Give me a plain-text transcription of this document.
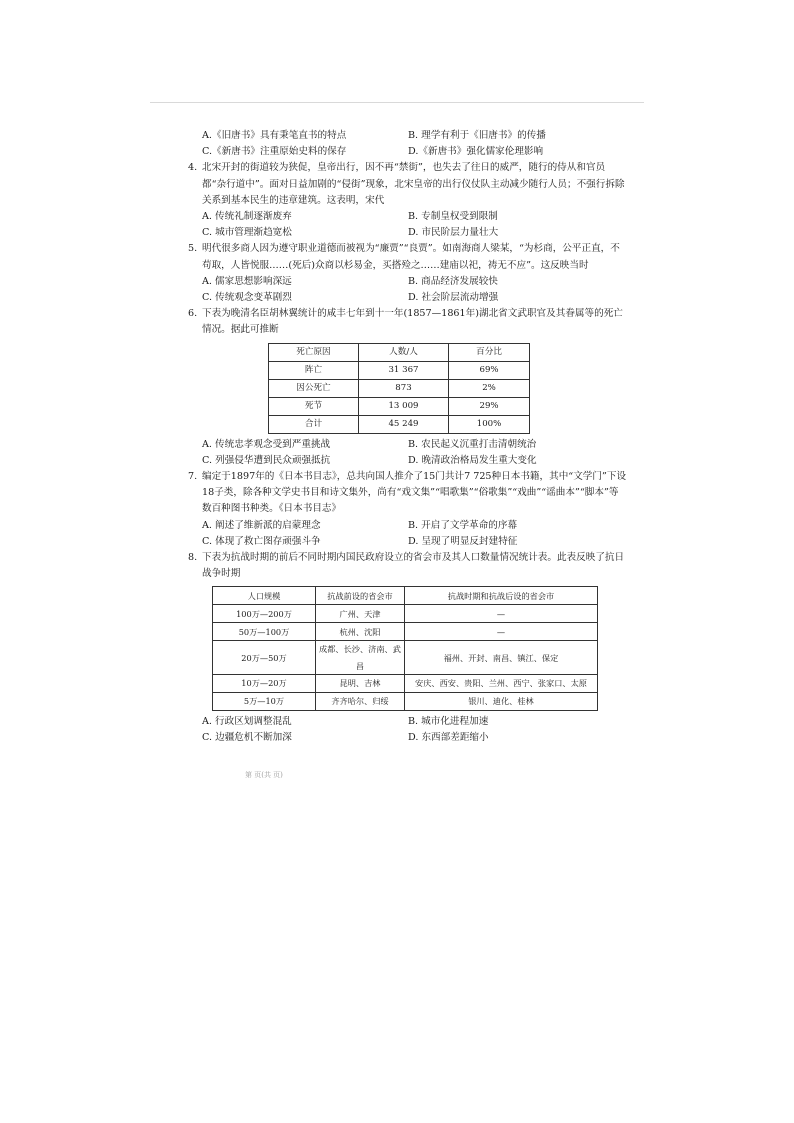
A.《旧唐书》具有秉笔直书的特点	B. 理学有利于《旧唐书》的传播
C.《新唐书》注重原始史料的保存	D.《新唐书》强化儒家伦理影响
4. 北宋开封的街道较为狭促，皇帝出行，因不再“禁街”，也失去了往日的威严，随行的侍从和官员都“杂行道中”。面对日益加剧的“侵街”现象，北宋皇帝的出行仪仗队主动减少随行人员；不强行拆除关系到基本民生的违章建筑。这表明，宋代
A. 传统礼制逐渐废弃	B. 专制皇权受到限制
C. 城市管理渐趋宽松	D. 市民阶层力量壮大
5. 明代很多商人因为遵守职业道德而被视为“廉贾”“良贾”。如南海商人梁某，“为杉商，公平正直，不苟取，人皆悦服……(死后)众商以杉易金，买搭殓之……建庙以祀，祷无不应”。这反映当时
A. 儒家思想影响深远	B. 商品经济发展较快
C. 传统观念变革剧烈	D. 社会阶层流动增强
6. 下表为晚清名臣胡林翼统计的咸丰七年到十一年(1857—1861年)湖北省文武职官及其眷属等的死亡情况。据此可推断
死亡原因	人数/人	百分比
阵亡	31 367	69%
因公死亡	873	2%
死节	13 009	29%
合计	45 249	100%
A. 传统忠孝观念受到严重挑战	B. 农民起义沉重打击清朝统治
C. 列强侵华遭到民众顽强抵抗	D. 晚清政治格局发生重大变化
7. 编定于1897年的《日本书目志》，总共向国人推介了15门共计7 725种日本书籍，其中“文学门”下设18子类，除各种文学史书目和诗文集外，尚有“戏文集”“唱歌集”“俗歌集”“戏曲”“谣曲本”“脚本”等数百种图书种类。《日本书目志》
A. 阐述了维新派的启蒙理念	B. 开启了文学革命的序幕
C. 体现了救亡图存顽强斗争	D. 呈现了明显反封建特征
8. 下表为抗战时期的前后不同时期内国民政府设立的省会市及其人口数量情况统计表。此表反映了抗日战争时期
人口规模	抗战前设的省会市	抗战时期和抗战后设的省会市
100万—200万	广州、天津	—
50万—100万	杭州、沈阳	—
20万—50万	成都、长沙、济南、武昌	福州、开封、南昌、镇江、保定
10万—20万	昆明、吉林	安庆、西安、贵阳、兰州、西宁、张家口、太原
5万—10万	齐齐哈尔、归绥	银川、迪化、桂林
A. 行政区划调整混乱	B. 城市化进程加速
C. 边疆危机不断加深	D. 东西部差距缩小
第 页(共 页)
